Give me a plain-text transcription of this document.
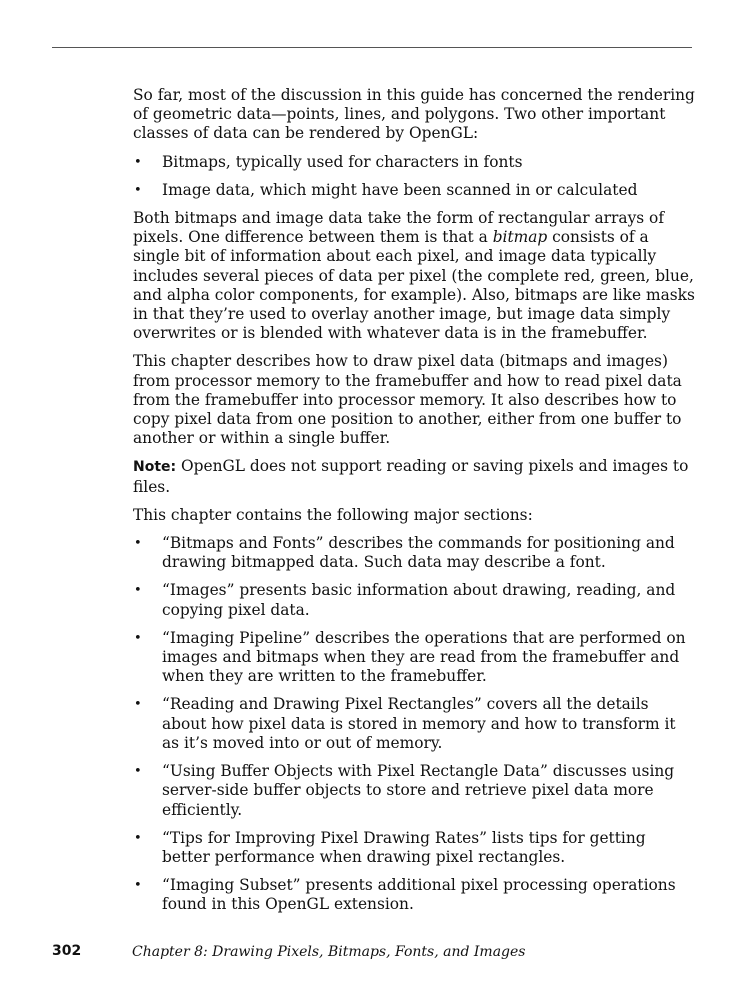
So far, most of the discussion in this guide has concerned the rendering of geometric data—points, lines, and polygons. Two other important classes of data can be rendered by OpenGL:

• Bitmaps, typically used for characters in fonts
• Image data, which might have been scanned in or calculated

Both bitmaps and image data take the form of rectangular arrays of pixels. One difference between them is that a bitmap consists of a single bit of information about each pixel, and image data typically includes several pieces of data per pixel (the complete red, green, blue, and alpha color components, for example). Also, bitmaps are like masks in that they’re used to overlay another image, but image data simply overwrites or is blended with whatever data is in the framebuffer.

This chapter describes how to draw pixel data (bitmaps and images) from processor memory to the framebuffer and how to read pixel data from the framebuffer into processor memory. It also describes how to copy pixel data from one position to another, either from one buffer to another or within a single buffer.

Note: OpenGL does not support reading or saving pixels and images to files.

This chapter contains the following major sections:

• “Bitmaps and Fonts” describes the commands for positioning and drawing bitmapped data. Such data may describe a font.
• “Images” presents basic information about drawing, reading, and copying pixel data.
• “Imaging Pipeline” describes the operations that are performed on images and bitmaps when they are read from the framebuffer and when they are written to the framebuffer.
• “Reading and Drawing Pixel Rectangles” covers all the details about how pixel data is stored in memory and how to transform it as it’s moved into or out of memory.
• “Using Buffer Objects with Pixel Rectangle Data” discusses using server-side buffer objects to store and retrieve pixel data more efficiently.
• “Tips for Improving Pixel Drawing Rates” lists tips for getting better performance when drawing pixel rectangles.
• “Imaging Subset” presents additional pixel processing operations found in this OpenGL extension.
302	Chapter 8: Drawing Pixels, Bitmaps, Fonts, and Images
